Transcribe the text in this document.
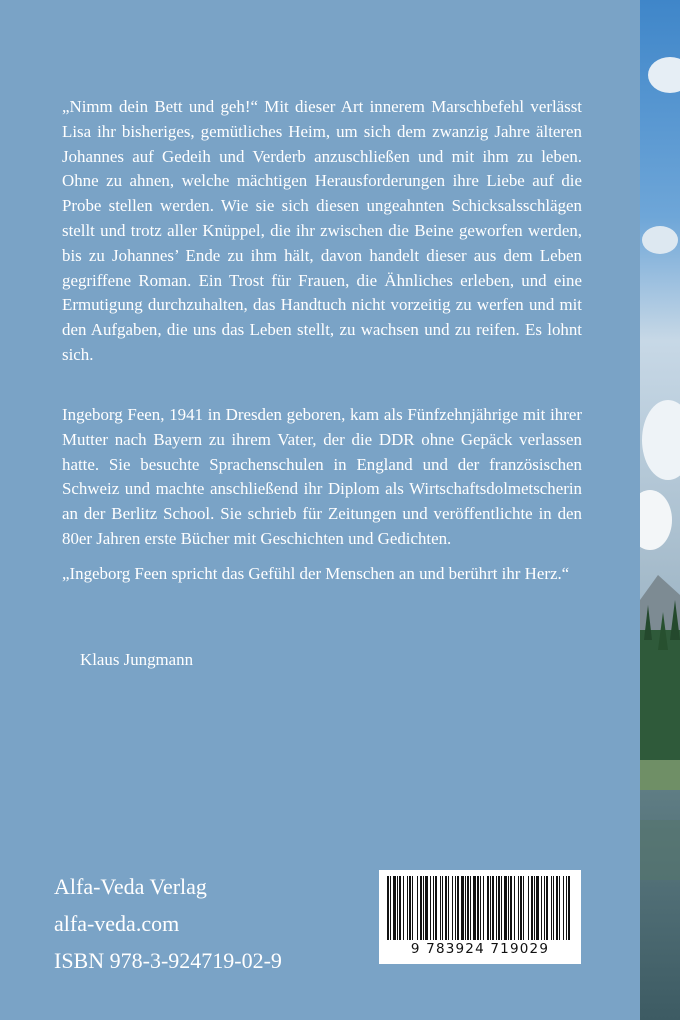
„Nimm dein Bett und geh!“ Mit dieser Art innerem Marschbefehl verlässt Lisa ihr bisheriges, gemütliches Heim, um sich dem zwanzig Jahre älteren Johannes auf Gedeih und Verderb anzuschließen und mit ihm zu leben. Ohne zu ahnen, welche mächtigen Herausforderungen ihre Liebe auf die Probe stellen werden. Wie sie sich diesen ungeahnten Schicksalsschlägen stellt und trotz aller Knüppel, die ihr zwischen die Beine geworfen werden, bis zu Johannes’ Ende zu ihm hält, davon handelt dieser aus dem Leben gegriffene Roman. Ein Trost für Frauen, die Ähnliches erleben, und eine Ermutigung durchzuhalten, das Handtuch nicht vorzeitig zu werfen und mit den Aufgaben, die uns das Leben stellt, zu wachsen und zu reifen. Es lohnt sich.

Ingeborg Feen, 1941 in Dresden geboren, kam als Fünfzehnjährige mit ihrer Mutter nach Bayern zu ihrem Vater, der die DDR ohne Gepäck verlassen hatte. Sie besuchte Sprachenschulen in England und der französischen Schweiz und machte anschließend ihr Diplom als Wirtschaftsdolmetscherin an der Berlitz School. Sie schrieb für Zeitungen und veröffentlichte in den 80er Jahren erste Bücher mit Geschichten und Gedichten.

„Ingeborg Feen spricht das Gefühl der Menschen an und berührt ihr Herz.“

Klaus Jungmann
Alfa-Veda Verlag
alfa-veda.com
ISBN 978-3-924719-02-9	9 783924 719029
